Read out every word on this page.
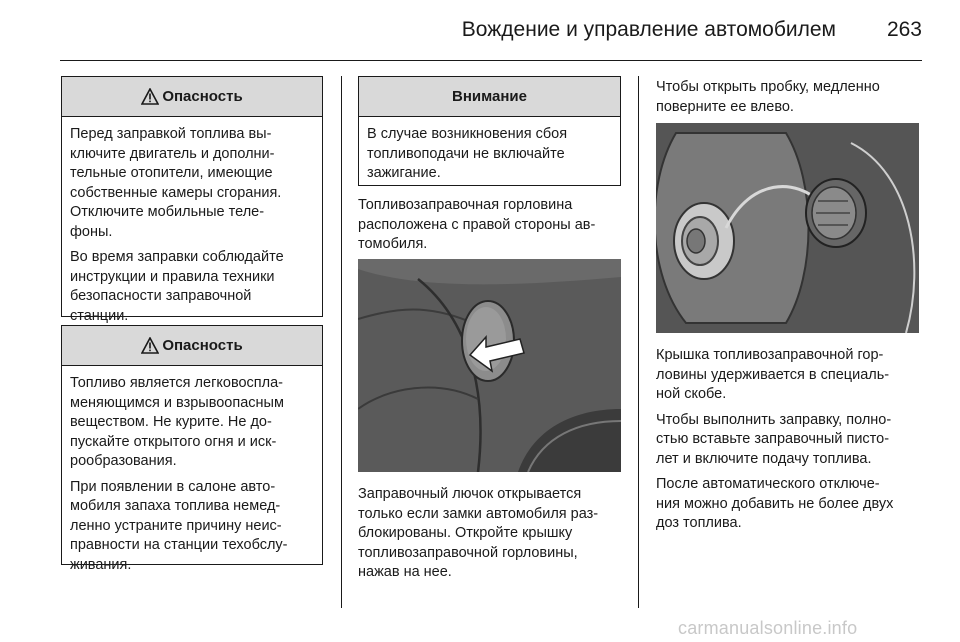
Вождение и управление автомобилем 263
Опасность

Перед заправкой топлива вы-
ключите двигатель и дополни-
тельные отопители, имеющие
собственные камеры сгорания.
Отключите мобильные теле-
фоны.

Во время заправки соблюдайте
инструкции и правила техники
безопасности заправочной
станции.

Опасность

Топливо является легковоспла-
меняющимся и взрывоопасным
веществом. Не курите. Не до-
пускайте открытого огня и иск-
рообразования.

При появлении в салоне авто-
мобиля запаха топлива немед-
ленно устраните причину неис-
правности на станции техобслу-
живания.

Внимание

В случае возникновения сбоя
топливоподачи не включайте
зажигание.

Топливозаправочная горловина
расположена с правой стороны ав-
томобиля.
Заправочный лючок открывается
только если замки автомобиля раз-
блокированы. Откройте крышку
топливозаправочной горловины,
нажав на нее.
Чтобы открыть пробку, медленно
поверните ее влево.

Крышка топливозаправочной гор-
ловины удерживается в специаль-
ной скобе.

Чтобы выполнить заправку, полно-
стью вставьте заправочный писто-
лет и включите подачу топлива.

После автоматического отключе-
ния можно добавить не более двух
доз топлива.

carmanualsonline.info
